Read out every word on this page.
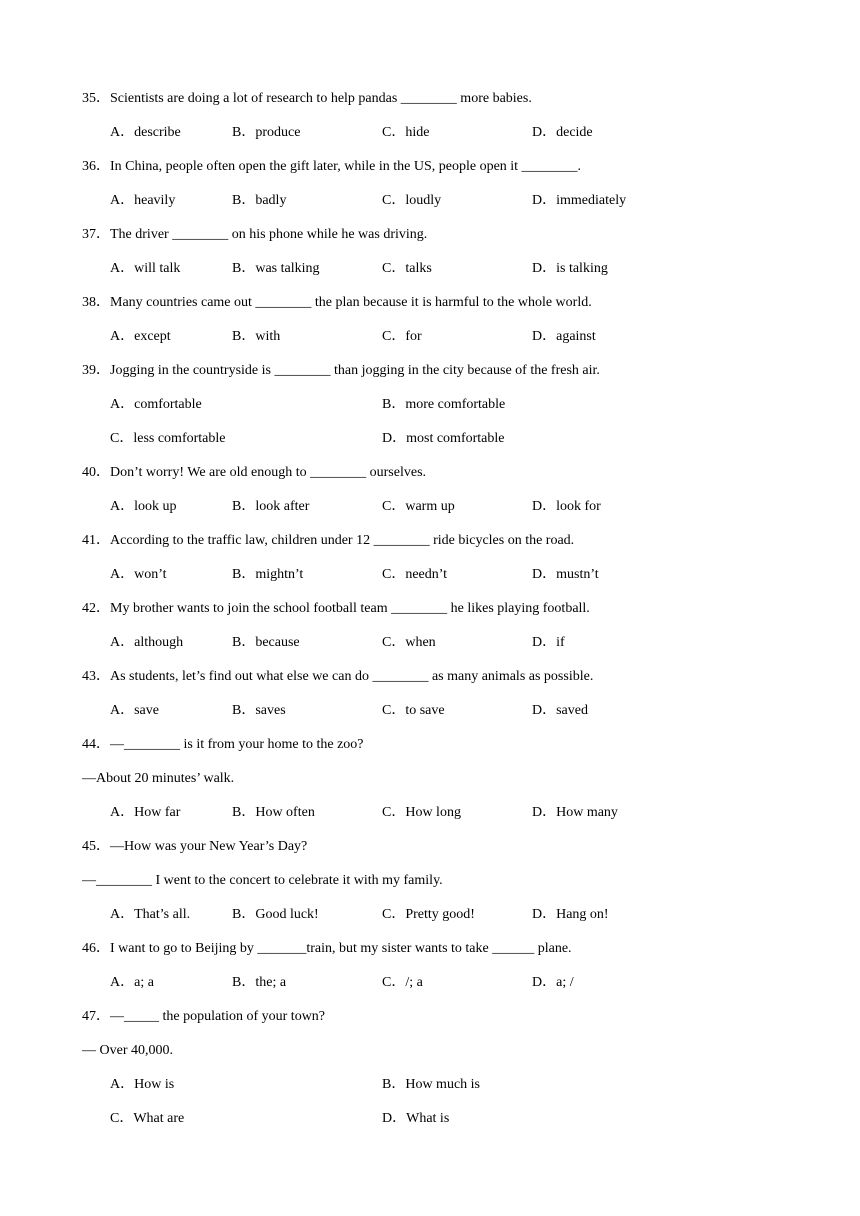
35．Scientists are doing a lot of research to help pandas ________ more babies.
A．describe	B．produce	C．hide	D．decide
36．In China, people often open the gift later, while in the US, people open it ________.
A．heavily	B．badly	C．loudly	D．immediately
37．The driver ________ on his phone while he was driving.
A．will talk	B．was talking	C．talks	D．is talking
38．Many countries came out ________ the plan because it is harmful to the whole world.
A．except	B．with	C．for	D．against
39．Jogging in the countryside is ________ than jogging in the city because of the fresh air.
A．comfortable	B．more comfortable
C．less comfortable	D．most comfortable
40．Don’t worry! We are old enough to ________ ourselves.
A．look up	B．look after	C．warm up	D．look for
41．According to the traffic law, children under 12 ________ ride bicycles on the road.
A．won’t	B．mightn’t	C．needn’t	D．mustn’t
42．My brother wants to join the school football team ________ he likes playing football.
A．although	B．because	C．when	D．if
43．As students, let’s find out what else we can do ________ as many animals as possible.
A．save	B．saves	C．to save	D．saved
44．—________ is it from your home to the zoo?
—About 20 minutes’ walk.
A．How far	B．How often	C．How long	D．How many
45．—How was your New Year’s Day?
—________ I went to the concert to celebrate it with my family.
A．That’s all.	B．Good luck!	C．Pretty good!	D．Hang on!
46．I want to go to Beijing by _______train, but my sister wants to take ______ plane.
A．a; a	B．the; a	C．/; a	D．a; /
47．—_____ the population of your town?
— Over 40,000.
A．How is	B．How much is
C．What are	D．What is
